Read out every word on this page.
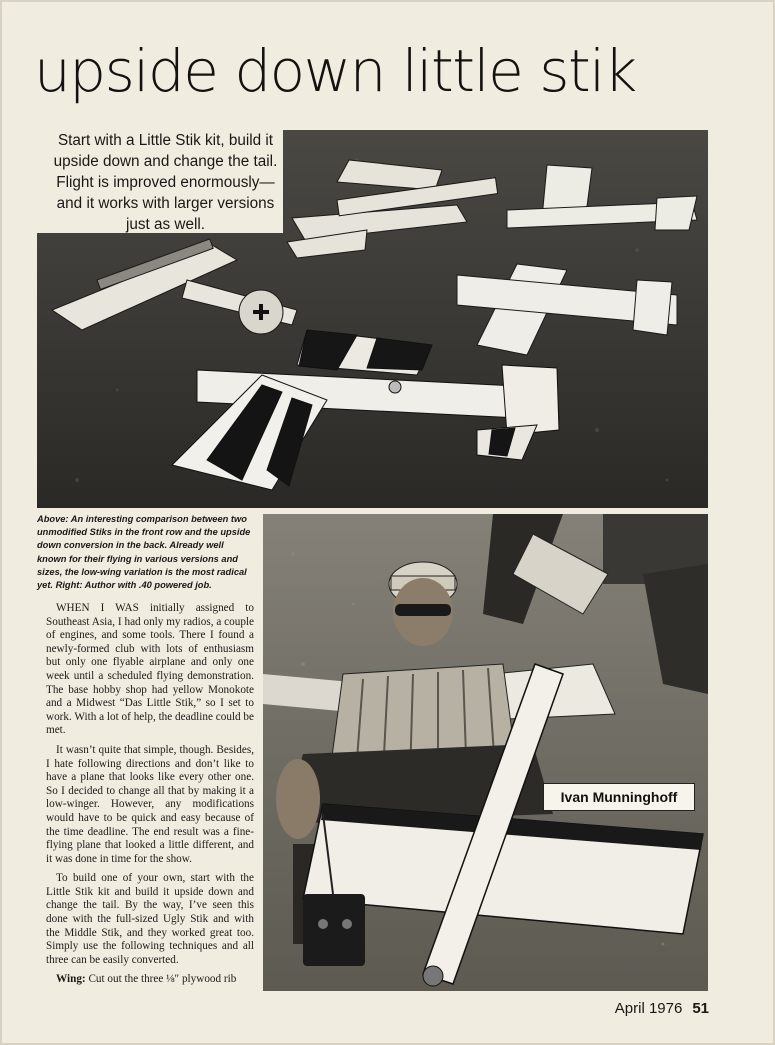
upside down little stik
Start with a Little Stik kit, build it upside down and change the tail. Flight is improved enormously—and it works with larger versions just as well.
Above: An interesting comparison between two unmodified Stiks in the front row and the upside down conversion in the back. Already well known for their flying in various versions and sizes, the low-wing variation is the most radical yet. Right: Author with .40 powered job.
Ivan Munninghoff

WHEN I WAS initially assigned to Southeast Asia, I had only my radios, a couple of engines, and some tools. There I found a newly-formed club with lots of enthusiasm but only one flyable airplane and only one week until a scheduled flying demonstration. The base hobby shop had yellow Monokote and a Midwest “Das Little Stik,” so I set to work. With a lot of help, the deadline could be met.

It wasn’t quite that simple, though. Besides, I hate following directions and don’t like to have a plane that looks like every other one. So I decided to change all that by making it a low-winger. However, any modifications would have to be quick and easy because of the time deadline. The end result was a fine-flying plane that looked a little different, and it was done in time for the show.

To build one of your own, start with the Little Stik kit and build it upside down and change the tail. By the way, I’ve seen this done with the full-sized Ugly Stik and with the Middle Stik, and they worked great too. Simply use the following techniques and all three can be easily converted.

Wing: Cut out the three ⅛″ plywood rib

April 1976 51
